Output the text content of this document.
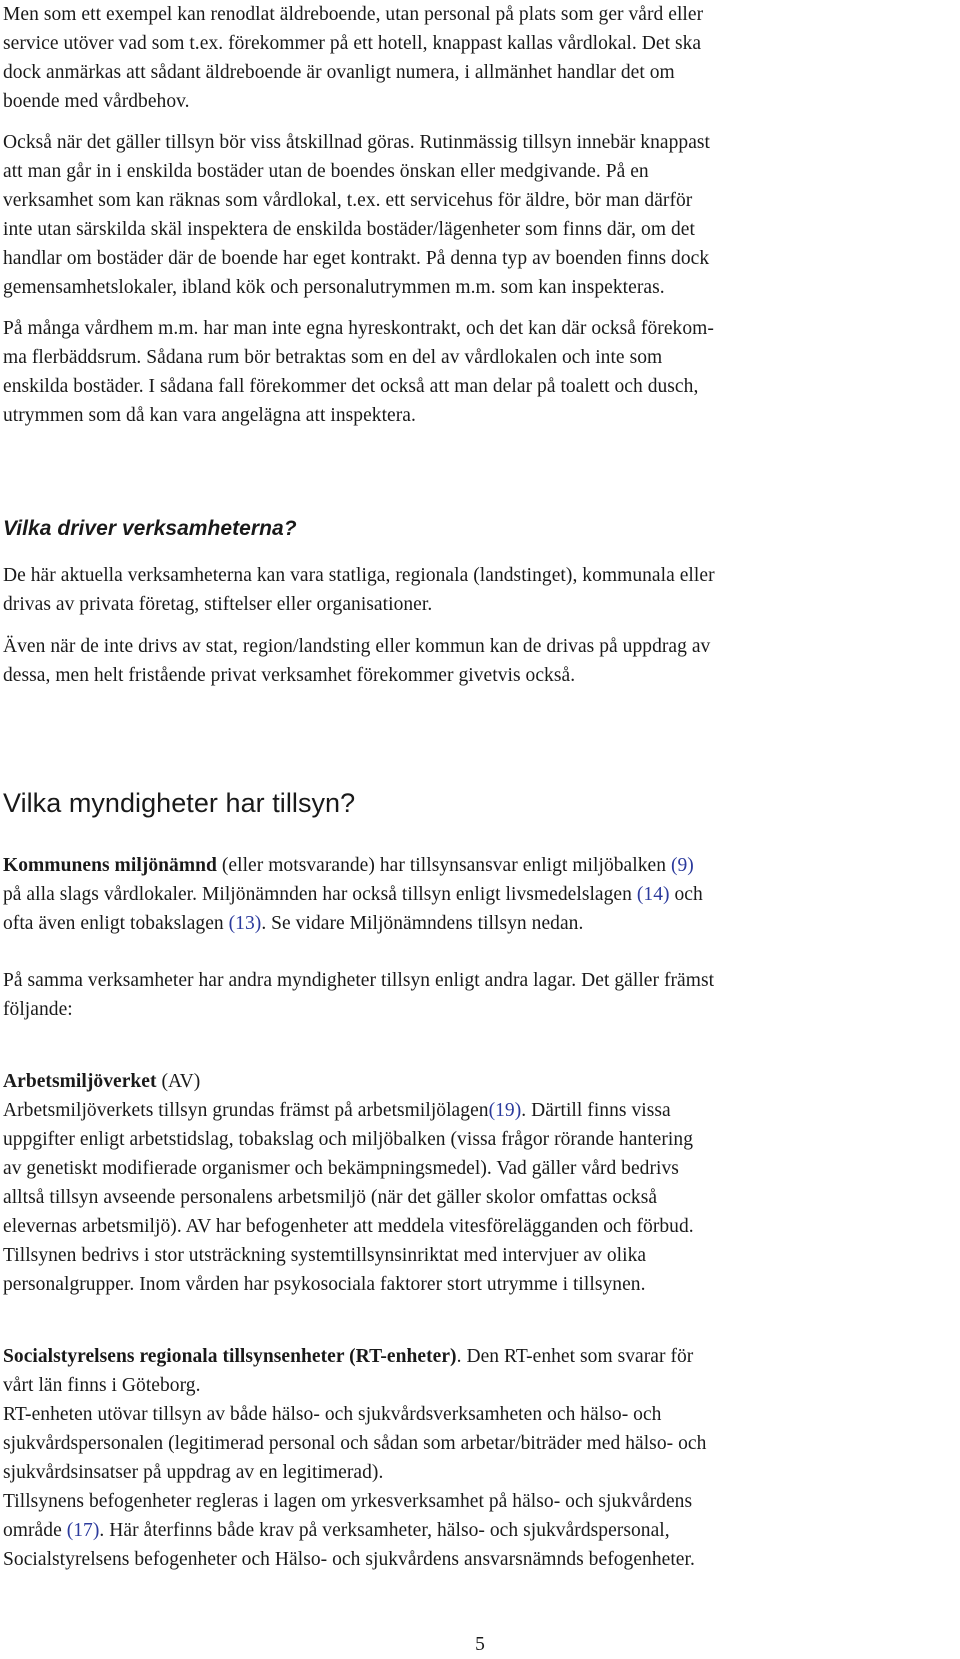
Men som ett exempel kan renodlat äldreboende, utan personal på plats som ger vård eller
service utöver vad som t.ex. förekommer på ett hotell, knappast kallas vårdlokal. Det ska
dock anmärkas att sådant äldreboende är ovanligt numera, i allmänhet handlar det om
boende med vårdbehov.

Också när det gäller tillsyn bör viss åtskillnad göras. Rutinmässig tillsyn innebär knappast
att man går in i enskilda bostäder utan de boendes önskan eller medgivande. På en
verksamhet som kan räknas som vårdlokal, t.ex. ett servicehus för äldre, bör man därför
inte utan särskilda skäl inspektera de enskilda bostäder/lägenheter som finns där, om det
handlar om bostäder där de boende har eget kontrakt. På denna typ av boenden finns dock
gemensamhetslokaler, ibland kök och personalutrymmen m.m. som kan inspekteras.

På många vårdhem m.m. har man inte egna hyreskontrakt, och det kan där också förekom-
ma flerbäddsrum. Sådana rum bör betraktas som en del av vårdlokalen och inte som
enskilda bostäder. I sådana fall förekommer det också att man delar på toalett och dusch,
utrymmen som då kan vara angelägna att inspektera.

Vilka driver verksamheterna?

De här aktuella verksamheterna kan vara statliga, regionala (landstinget), kommunala eller
drivas av privata företag, stiftelser eller organisationer.

Även när de inte drivs av stat, region/landsting eller kommun kan de drivas på uppdrag av
dessa, men helt fristående privat verksamhet förekommer givetvis också.

Vilka myndigheter har tillsyn?

Kommunens miljönämnd (eller motsvarande) har tillsynsansvar enligt miljöbalken (9)
på alla slags vårdlokaler. Miljönämnden har också tillsyn enligt livsmedelslagen (14) och
ofta även enligt tobakslagen (13). Se vidare Miljönämndens tillsyn nedan.

På samma verksamheter har andra myndigheter tillsyn enligt andra lagar. Det gäller främst
följande:

Arbetsmiljöverket (AV)
Arbetsmiljöverkets tillsyn grundas främst på arbetsmiljölagen(19). Därtill finns vissa
uppgifter enligt arbetstidslag, tobakslag och miljöbalken (vissa frågor rörande hantering
av genetiskt modifierade organismer och bekämpningsmedel). Vad gäller vård bedrivs
alltså tillsyn avseende personalens arbetsmiljö (när det gäller skolor omfattas också
elevernas arbetsmiljö). AV har befogenheter att meddela vitesförelägganden och förbud.
Tillsynen bedrivs i stor utsträckning systemtillsynsinriktat med intervjuer av olika
personalgrupper. Inom vården har psykosociala faktorer stort utrymme i tillsynen.

Socialstyrelsens regionala tillsynsenheter (RT-enheter). Den RT-enhet som svarar för
vårt län finns i Göteborg.
RT-enheten utövar tillsyn av både hälso- och sjukvårdsverksamheten och hälso- och
sjukvårdspersonalen (legitimerad personal och sådan som arbetar/biträder med hälso- och
sjukvårdsinsatser på uppdrag av en legitimerad).
Tillsynens befogenheter regleras i lagen om yrkesverksamhet på hälso- och sjukvårdens
område (17). Här återfinns både krav på verksamheter, hälso- och sjukvårdspersonal,
Socialstyrelsens befogenheter och Hälso- och sjukvårdens ansvarsnämnds befogenheter.

5
